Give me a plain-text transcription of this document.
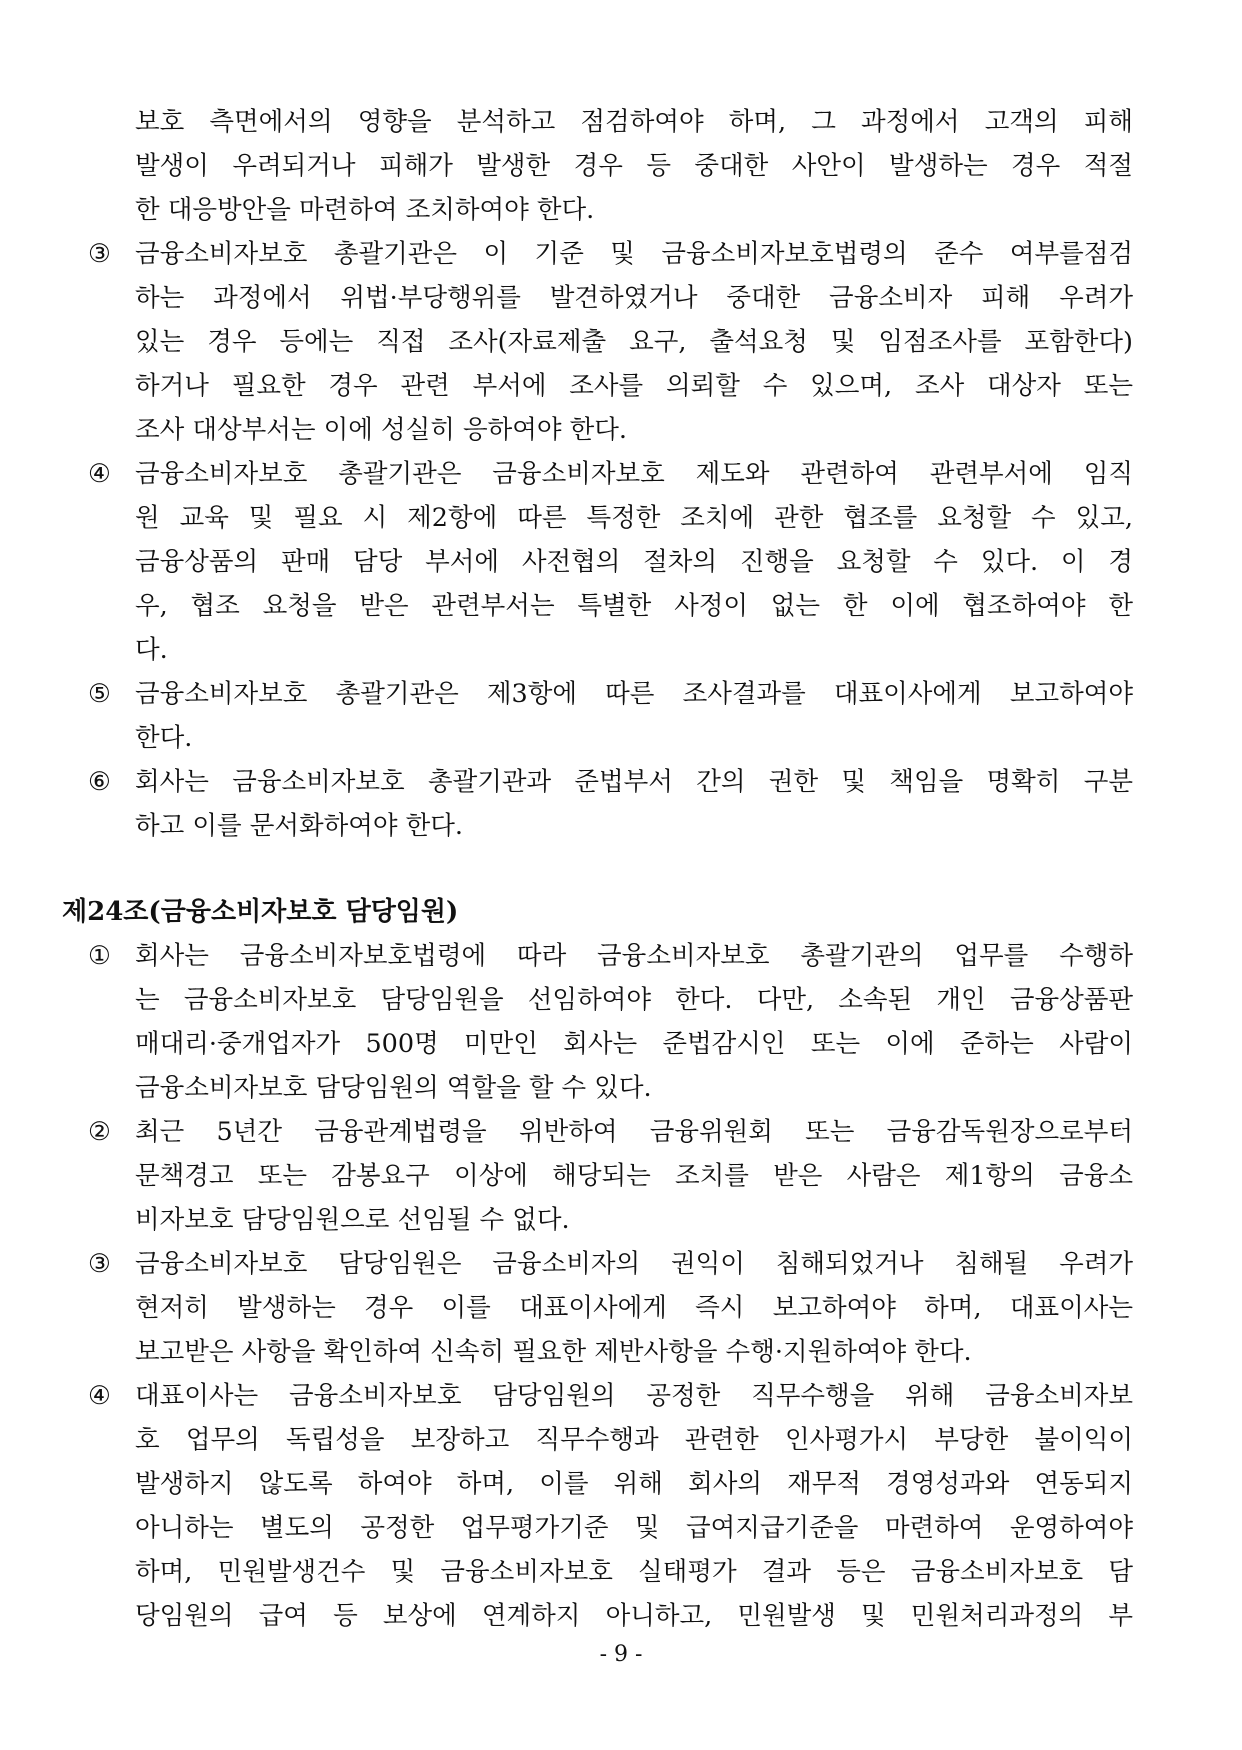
보호 측면에서의 영향을 분석하고 점검하여야 하며, 그 과정에서 고객의 피해
발생이 우려되거나 피해가 발생한 경우 등 중대한 사안이 발생하는 경우 적절
한 대응방안을 마련하여 조치하여야 한다.
③ 금융소비자보호 총괄기관은 이 기준 및 금융소비자보호법령의 준수 여부를점검
하는 과정에서 위법·부당행위를 발견하였거나 중대한 금융소비자 피해 우려가
있는 경우 등에는 직접 조사(자료제출 요구, 출석요청 및 임점조사를 포함한다)
하거나 필요한 경우 관련 부서에 조사를 의뢰할 수 있으며, 조사 대상자 또는
조사 대상부서는 이에 성실히 응하여야 한다.
④ 금융소비자보호 총괄기관은 금융소비자보호 제도와 관련하여 관련부서에 임직
원 교육 및 필요 시 제2항에 따른 특정한 조치에 관한 협조를 요청할 수 있고,
금융상품의 판매 담당 부서에 사전협의 절차의 진행을 요청할 수 있다. 이 경
우, 협조 요청을 받은 관련부서는 특별한 사정이 없는 한 이에 협조하여야 한
다.
⑤ 금융소비자보호 총괄기관은 제3항에 따른 조사결과를 대표이사에게 보고하여야
한다.
⑥ 회사는 금융소비자보호 총괄기관과 준법부서 간의 권한 및 책임을 명확히 구분
하고 이를 문서화하여야 한다.
제24조(금융소비자보호 담당임원)
① 회사는 금융소비자보호법령에 따라 금융소비자보호 총괄기관의 업무를 수행하
는 금융소비자보호 담당임원을 선임하여야 한다. 다만, 소속된 개인 금융상품판
매대리·중개업자가 500명 미만인 회사는 준법감시인 또는 이에 준하는 사람이
금융소비자보호 담당임원의 역할을 할 수 있다.
② 최근 5년간 금융관계법령을 위반하여 금융위원회 또는 금융감독원장으로부터
문책경고 또는 감봉요구 이상에 해당되는 조치를 받은 사람은 제1항의 금융소
비자보호 담당임원으로 선임될 수 없다.
③ 금융소비자보호 담당임원은 금융소비자의 권익이 침해되었거나 침해될 우려가
현저히 발생하는 경우 이를 대표이사에게 즉시 보고하여야 하며, 대표이사는
보고받은 사항을 확인하여 신속히 필요한 제반사항을 수행·지원하여야 한다.
④ 대표이사는 금융소비자보호 담당임원의 공정한 직무수행을 위해 금융소비자보
호 업무의 독립성을 보장하고 직무수행과 관련한 인사평가시 부당한 불이익이
발생하지 않도록 하여야 하며, 이를 위해 회사의 재무적 경영성과와 연동되지
아니하는 별도의 공정한 업무평가기준 및 급여지급기준을 마련하여 운영하여야
하며, 민원발생건수 및 금융소비자보호 실태평가 결과 등은 금융소비자보호 담
당임원의 급여 등 보상에 연계하지 아니하고, 민원발생 및 민원처리과정의 부
- 9 -
